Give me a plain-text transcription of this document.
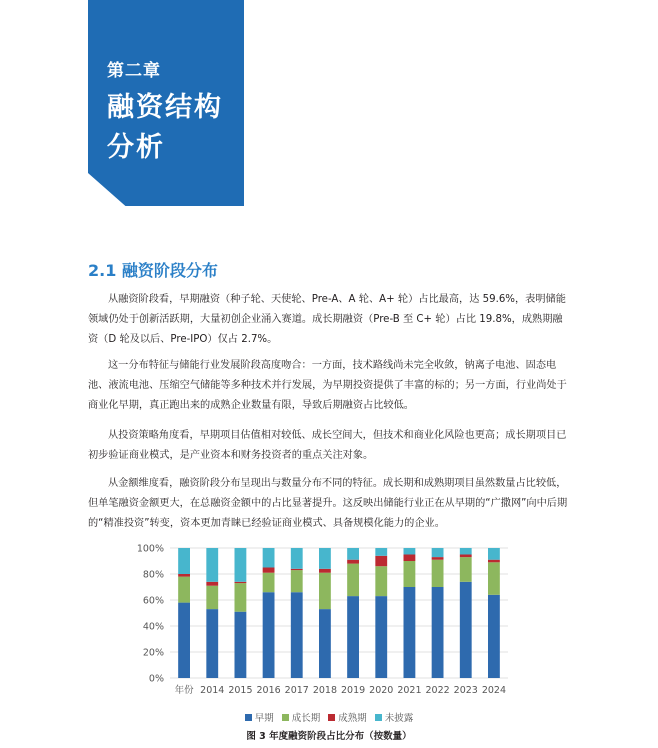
第二章
融资结构分析
2.1 融资阶段分布

从融资阶段看，早期融资（种子轮、天使轮、Pre-A、A 轮、A+ 轮）占比最高，达 59.6%，表明储能领域仍处于创新活跃期，大量初创企业涌入赛道。成长期融资（Pre-B 至 C+ 轮）占比 19.8%，成熟期融资（D 轮及以后、Pre-IPO）仅占 2.7%。

这一分布特征与储能行业发展阶段高度吻合：一方面，技术路线尚未完全收敛，钠离子电池、固态电池、液流电池、压缩空气储能等多种技术并行发展，为早期投资提供了丰富的标的；另一方面，行业尚处于商业化早期，真正跑出来的成熟企业数量有限，导致后期融资占比较低。

从投资策略角度看，早期项目估值相对较低、成长空间大，但技术和商业化风险也更高；成长期项目已初步验证商业模式，是产业资本和财务投资者的重点关注对象。

从金额维度看，融资阶段分布呈现出与数量分布不同的特征。成长期和成熟期项目虽然数量占比较低，但单笔融资金额更大，在总融资金额中的占比显著提升。这反映出储能行业正在从早期的“广撒网”向中后期的“精准投资”转变，资本更加青睐已经验证商业模式、具备规模化能力的企业。

0%
20%
40%
60%
80%
100%
2014 2015 2016 2017 2018 2019 2020 2021 2022 2023 2024
年份
早期 成长期 成熟期 未披露
图 3 年度融资阶段占比分布（按数量）
